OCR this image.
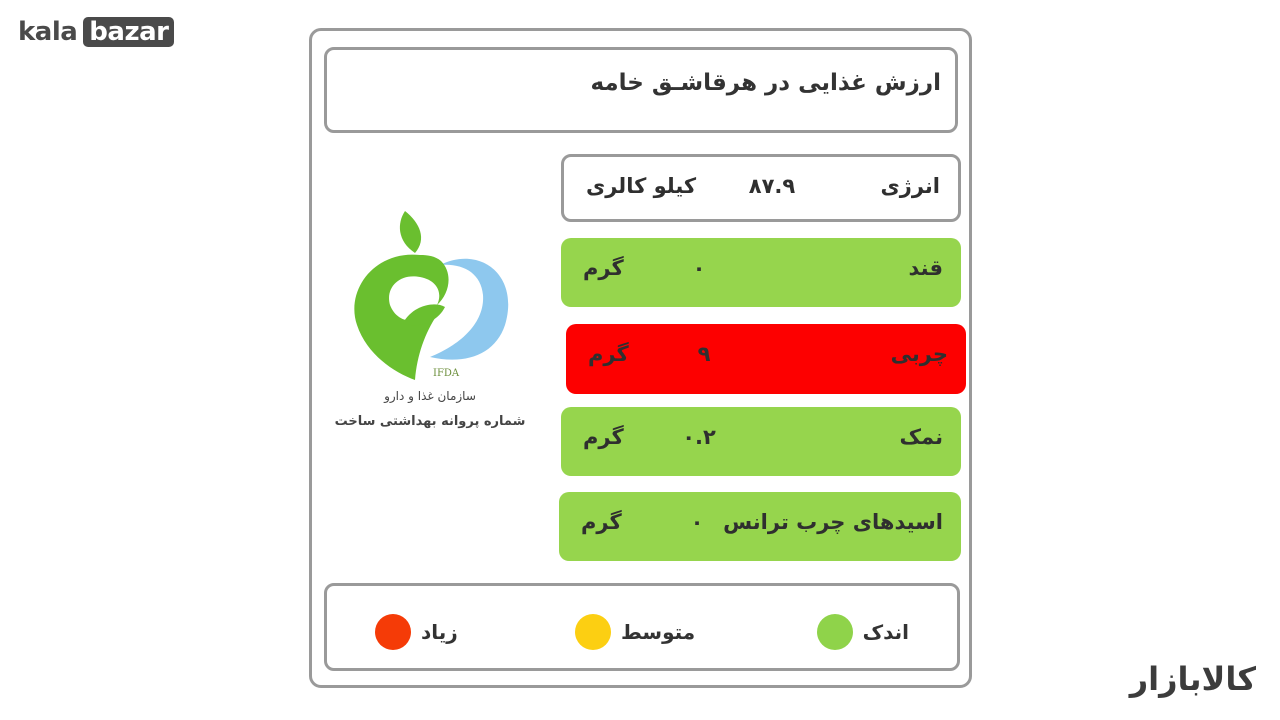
kala bazar
کالابازار
ارزش غذایی در هرقاشـق خامه
انرژی
۸۷.۹
کیلو کالری
قند
۰
گرم
چربی
۹
گرم
نمک
۰.۲
گرم
اسیدهای چرب ترانس
۰
گرم
IFDA
سازمان غذا و دارو
شماره پروانه بهداشتی ساخت
اندک
متوسط
زیاد
